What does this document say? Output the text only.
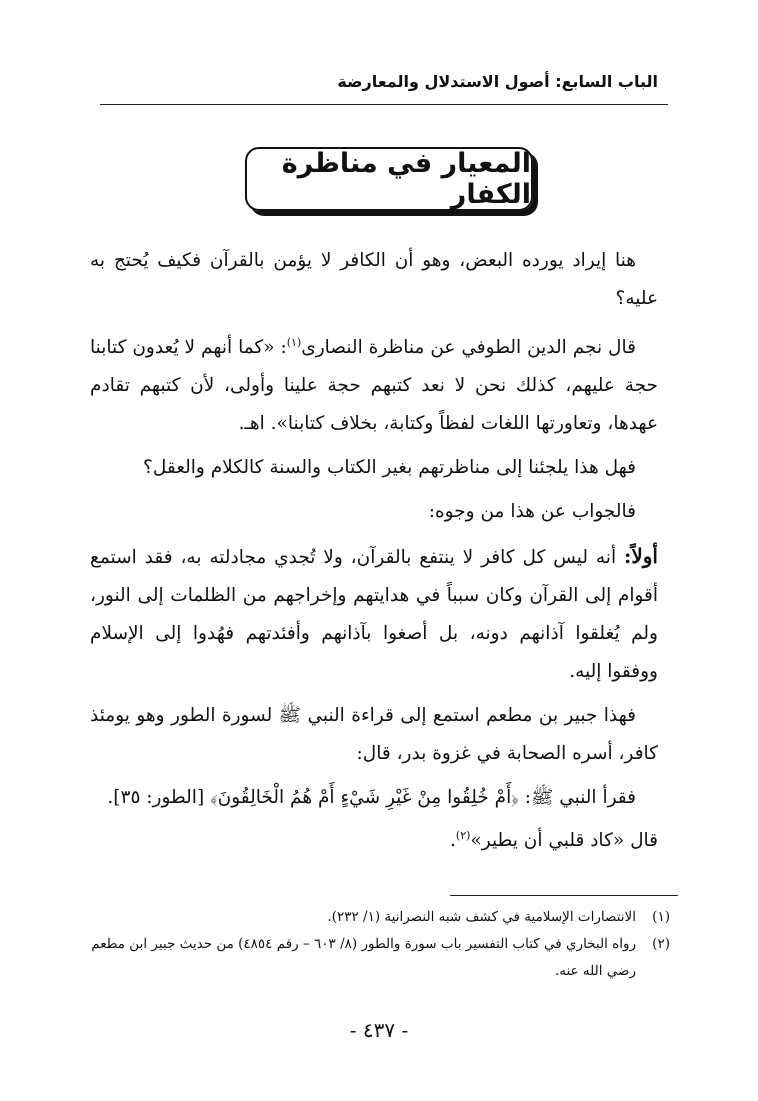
الباب السابع: أصول الاستدلال والمعارضة
المعيار في مناظرة الكفار

هنا إيراد يورده البعض، وهو أن الكافر لا يؤمن بالقرآن فكيف يُحتج به عليه؟

قال نجم الدين الطوفي عن مناظرة النصارى$^{(١)}$: «كما أنهم لا يُعدون كتابنا حجة عليهم، كذلك نحن لا نعد كتبهم حجة علينا وأولى، لأن كتبهم تقادم عهدها، وتعاورتها اللغات لفظاً وكتابة، بخلاف كتابنا». اهـ.

فهل هذا يلجئنا إلى مناظرتهم بغير الكتاب والسنة كالكلام والعقل؟

فالجواب عن هذا من وجوه:

أولاً: أنه ليس كل كافر لا ينتفع بالقرآن، ولا تُجدي مجادلته به، فقد استمع أقوام إلى القرآن وكان سبباً في هدايتهم وإخراجهم من الظلمات إلى النور، ولم يُغلقوا آذانهم دونه، بل أصغوا بآذانهم وأفئدتهم فهُدوا إلى الإسلام ووفقوا إليه.

فهذا جبير بن مطعم استمع إلى قراءة النبي ﷺ لسورة الطور وهو يومئذ كافر، أسره الصحابة في غزوة بدر، قال:

فقرأ النبي ﷺ: ﴿أَمْ خُلِقُوا مِنْ غَيْرِ شَيْءٍ أَمْ هُمُ الْخَالِقُونَ﴾ [الطور: ٣٥].
قال «كاد قلبي أن يطير»$^{(٢)}$.

(١)
الانتصارات الإسلامية في كشف شبه النصرانية (١/ ٢٣٢).
(٢)
رواه البخاري في كتاب التفسير باب سورة والطور (٨/ ٦٠٣ – رقم ٤٨٥٤) من حديث جبير ابن مطعم رضي الله عنه.
- ٤٣٧ -
